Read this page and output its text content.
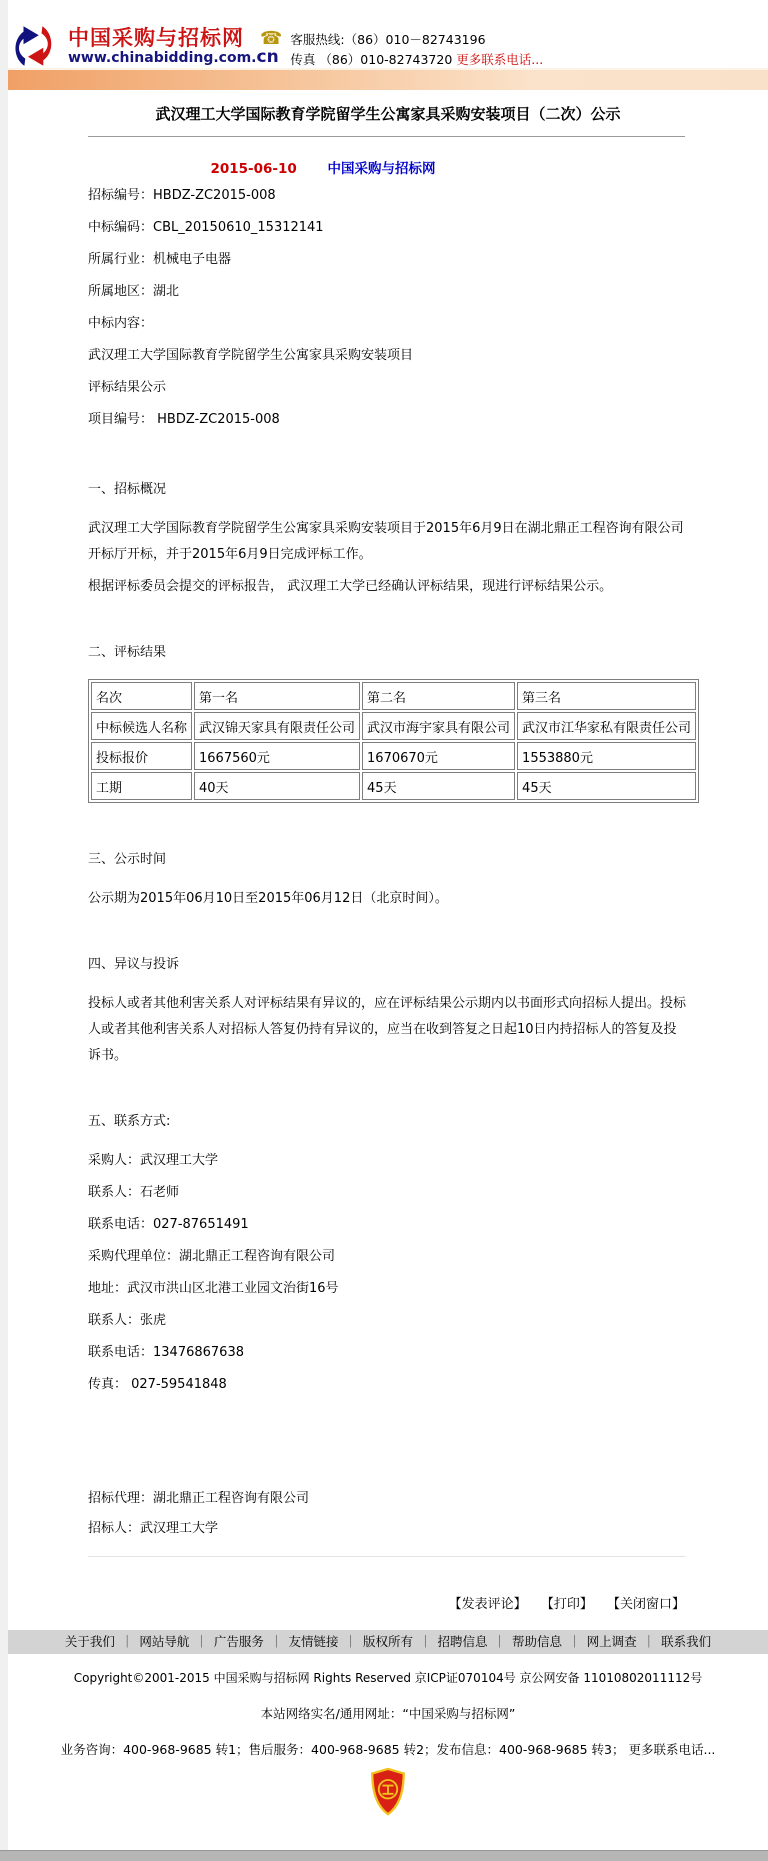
中国采购与招标网
www.chinabidding.com.cn
☎ 客服热线:（86）010－82743196
传真 （86）010-82743720 更多联系电话...
武汉理工大学国际教育学院留学生公寓家具采购安装项目（二次）公示
2015-06-10 中国采购与招标网

招标编号：HBDZ-ZC2015-008

中标编码：CBL_20150610_15312141

所属行业：机械电子电器

所属地区：湖北

中标内容：

武汉理工大学国际教育学院留学生公寓家具采购安装项目

评标结果公示

项目编号： HBDZ-ZC2015-008

一、招标概况

武汉理工大学国际教育学院留学生公寓家具采购安装项目于2015年6月9日在湖北鼎正工程咨询有限公司开标厅开标，并于2015年6月9日完成评标工作。

根据评标委员会提交的评标报告， 武汉理工大学已经确认评标结果，现进行评标结果公示。

二、评标结果
名次	第一名	第二名	第三名
中标候选人名称	武汉锦天家具有限责任公司	武汉市海宇家具有限公司	武汉市江华家私有限责任公司
投标报价	1667560元	1670670元	1553880元
工期	40天	45天	45天
三、公示时间

公示期为2015年06月10日至2015年06月12日（北京时间）。

四、异议与投诉

投标人或者其他利害关系人对评标结果有异议的，应在评标结果公示期内以书面形式向招标人提出。投标人或者其他利害关系人对招标人答复仍持有异议的，应当在收到答复之日起10日内持招标人的答复及投诉书。

五、联系方式:

采购人：武汉理工大学

联系人：石老师

联系电话：027-87651491

采购代理单位：湖北鼎正工程咨询有限公司

地址：武汉市洪山区北港工业园文治街16号

联系人：张虎

联系电话：13476867638

传真： 027-59541848

招标代理：湖北鼎正工程咨询有限公司

招标人：武汉理工大学

【发表评论】 【打印】 【关闭窗口】
关于我们 ｜ 网站导航 ｜ 广告服务 ｜ 友情链接 ｜ 版权所有 ｜ 招聘信息 ｜ 帮助信息 ｜ 网上调查 ｜ 联系我们
Copyright©2001-2015 中国采购与招标网 Rights Reserved 京ICP证070104号 京公网安备 11010802011112号
本站网络实名/通用网址：“中国采购与招标网”
业务咨询：400-968-9685 转1；售后服务：400-968-9685 转2；发布信息：400-968-9685 转3； 更多联系电话...
